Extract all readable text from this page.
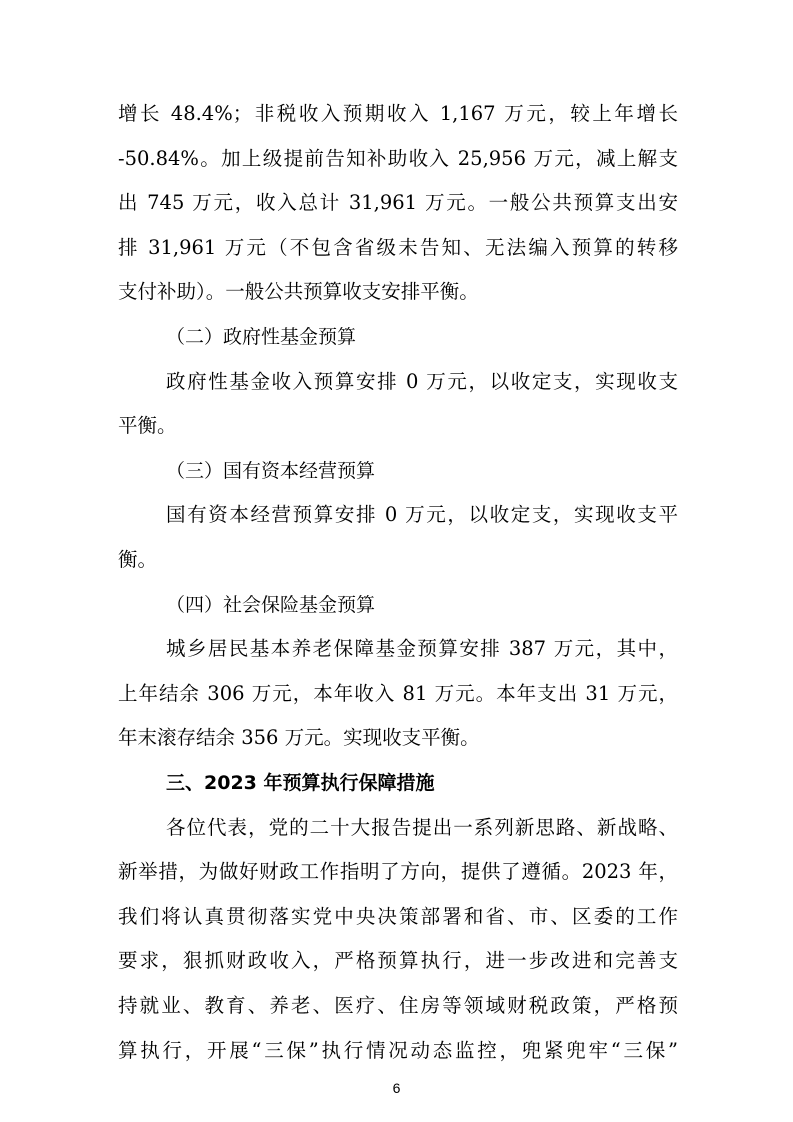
增长 48.4%；非税收入预期收入 1,167 万元，较上年增长
-50.84%。加上级提前告知补助收入 25,956 万元，减上解支
出 745 万元，收入总计 31,961 万元。一般公共预算支出安
排 31,961 万元（不包含省级未告知、无法编入预算的转移
支付补助）。一般公共预算收支安排平衡。
（二）政府性基金预算
政府性基金收入预算安排 0 万元，以收定支，实现收支
平衡。
（三）国有资本经营预算
国有资本经营预算安排 0 万元，以收定支，实现收支平
衡。
（四）社会保险基金预算
城乡居民基本养老保障基金预算安排 387 万元，其中，
上年结余 306 万元，本年收入 81 万元。本年支出 31 万元，
年末滚存结余 356 万元。实现收支平衡。
三、2023 年预算执行保障措施
各位代表，党的二十大报告提出一系列新思路、新战略、
新举措，为做好财政工作指明了方向，提供了遵循。2023 年，
我们将认真贯彻落实党中央决策部署和省、市、区委的工作
要求，狠抓财政收入，严格预算执行，进一步改进和完善支
持就业、教育、养老、医疗、住房等领域财税政策，严格预
算执行，开展“三保”执行情况动态监控，兜紧兜牢“三保”
6
